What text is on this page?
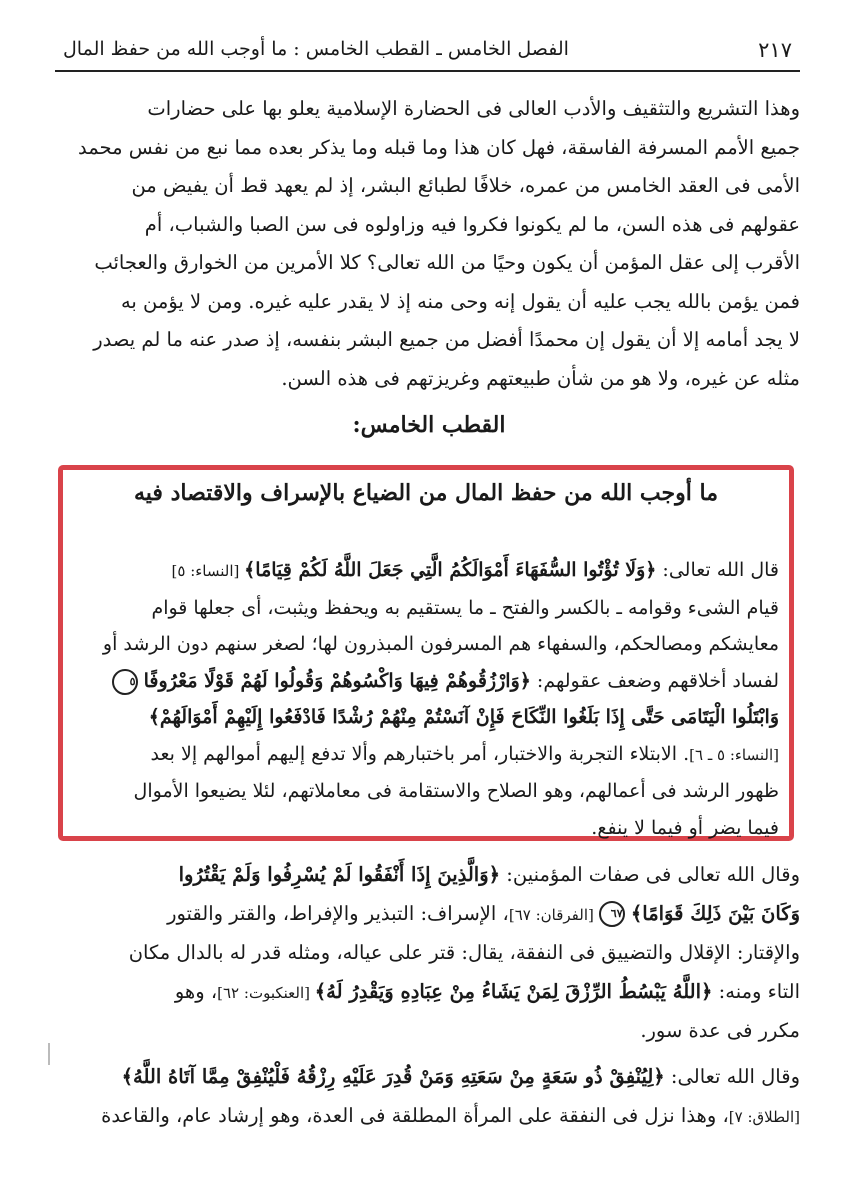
٢١٧
الفصل الخامس ـ القطب الخامس : ما أوجب الله من حفظ المال

وهذا التشريع والتثقيف والأدب العالى فى الحضارة الإسلامية يعلو بها على حضارات

جميع الأمم المسرفة الفاسقة، فهل كان هذا وما قبله وما يذكر بعده مما نبع من نفس محمد

الأمى فى العقد الخامس من عمره، خلافًا لطبائع البشر، إذ لم يعهد قط أن يفيض من

عقولهم فى هذه السن، ما لم يكونوا فكروا فيه وزاولوه فى سن الصبا والشباب، أم

الأقرب إلى عقل المؤمن أن يكون وحيًا من الله تعالى؟ كلا الأمرين من الخوارق والعجائب

فمن يؤمن بالله يجب عليه أن يقول إنه وحى منه إذ لا يقدر عليه غيره. ومن لا يؤمن به

لا يجد أمامه إلا أن يقول إن محمدًا أفضل من جميع البشر بنفسه، إذ صدر عنه ما لم يصدر

مثله عن غيره، ولا هو من شأن طبيعتهم وغريزتهم فى هذه السن.

القطب الخامس:
ما أوجب الله من حفظ المال من الضياع بالإسراف والاقتصاد فيه

قال الله تعالى: ﴿وَلَا تُؤْتُوا السُّفَهَاءَ أَمْوَالَكُمُ الَّتِي جَعَلَ اللَّهُ لَكُمْ قِيَامًا﴾ [النساء: ٥]

قيام الشىء وقوامه ـ بالكسر والفتح ـ ما يستقيم به ويحفظ ويثبت، أى جعلها قوام

معايشكم ومصالحكم، والسفهاء هم المسرفون المبذرون لها؛ لصغر سنهم دون الرشد أو

لفساد أخلاقهم وضعف عقولهم: ﴿وَارْزُقُوهُمْ فِيهَا وَاكْسُوهُمْ وَقُولُوا لَهُمْ قَوْلًا مَعْرُوفًا ٥

وَابْتَلُوا الْيَتَامَى حَتَّى إِذَا بَلَغُوا النِّكَاحَ فَإِنْ آنَسْتُمْ مِنْهُمْ رُشْدًا فَادْفَعُوا إِلَيْهِمْ أَمْوَالَهُمْ﴾

[النساء: ٥ ـ ٦]. الابتلاء التجربة والاختبار، أمر باختبارهم وألا تدفع إليهم أموالهم إلا بعد

ظهور الرشد فى أعمالهم، وهو الصلاح والاستقامة فى معاملاتهم، لئلا يضيعوا الأموال

فيما يضر أو فيما لا ينفع.

وقال الله تعالى فى صفات المؤمنين: ﴿وَالَّذِينَ إِذَا أَنْفَقُوا لَمْ يُسْرِفُوا وَلَمْ يَقْتُرُوا

وَكَانَ بَيْنَ ذَلِكَ قَوَامًا﴾ ٦٧ [الفرقان: ٦٧]، الإسراف: التبذير والإفراط، والقتر والقتور

والإقتار: الإقلال والتضييق فى النفقة، يقال: قتر على عياله، ومثله قدر له بالدال مكان

التاء ومنه: ﴿اللَّهُ يَبْسُطُ الرِّزْقَ لِمَنْ يَشَاءُ مِنْ عِبَادِهِ وَيَقْدِرُ لَهُ﴾ [العنكبوت: ٦٢]، وهو

مكرر فى عدة سور.

وقال الله تعالى: ﴿لِيُنْفِقْ ذُو سَعَةٍ مِنْ سَعَتِهِ وَمَنْ قُدِرَ عَلَيْهِ رِزْقُهُ فَلْيُنْفِقْ مِمَّا آتَاهُ اللَّهُ﴾

[الطلاق: ٧]، وهذا نزل فى النفقة على المرأة المطلقة فى العدة، وهو إرشاد عام، والقاعدة
